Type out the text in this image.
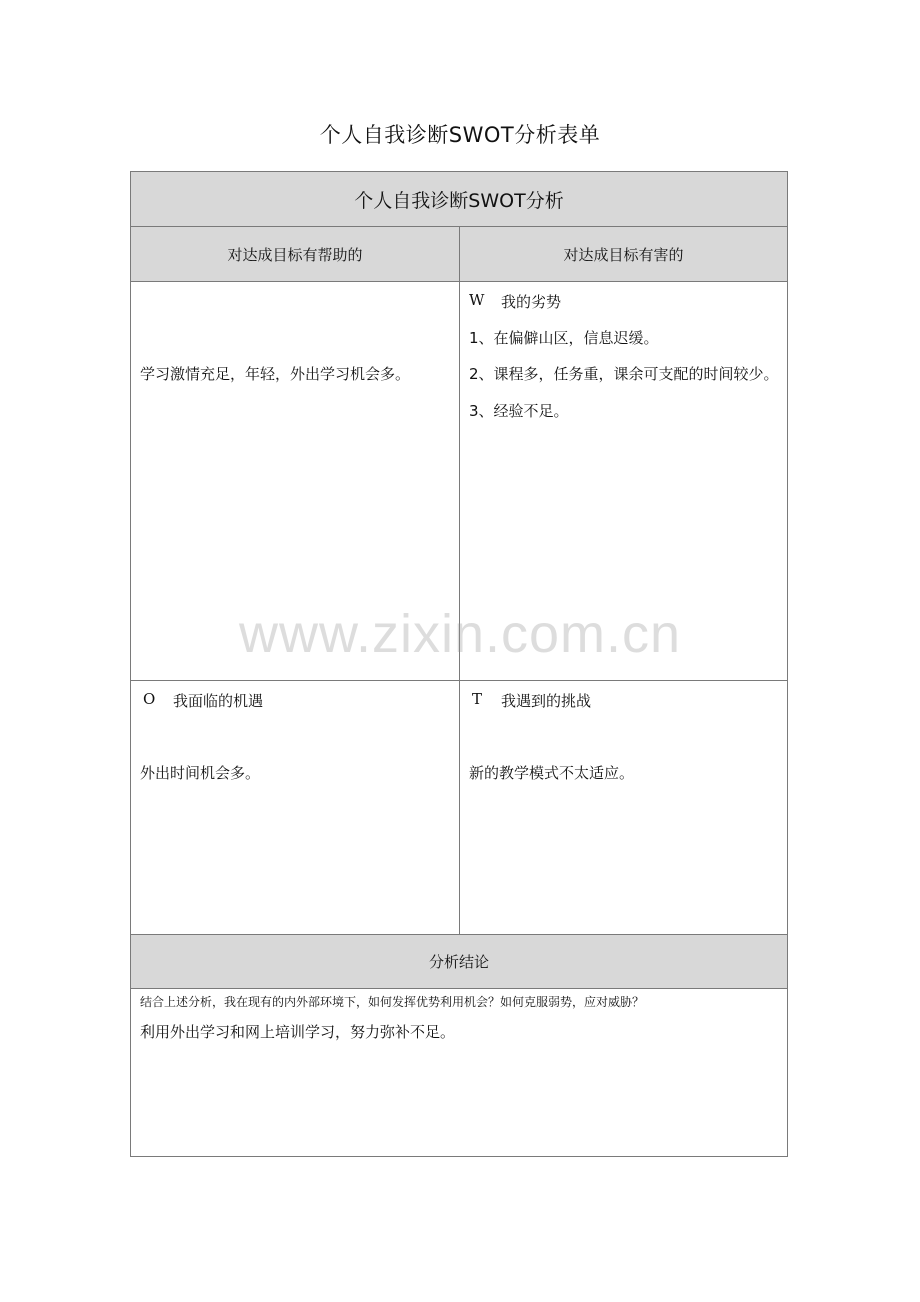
个人自我诊断SWOT分析表单
个人自我诊断SWOT分析
对达成目标有帮助的	对达成目标有害的
学习激情充足，年轻，外出学习机会多。
W 我的劣势
1、在偏僻山区，信息迟缓。
2、课程多，任务重，课余可支配的时间较少。
3、经验不足。
O 我面临的机遇
外出时间机会多。
T 我遇到的挑战
新的教学模式不太适应。
分析结论
结合上述分析，我在现有的内外部环境下，如何发挥优势利用机会？如何克服弱势，应对威胁？
利用外出学习和网上培训学习，努力弥补不足。
www.zixin.com.cn
